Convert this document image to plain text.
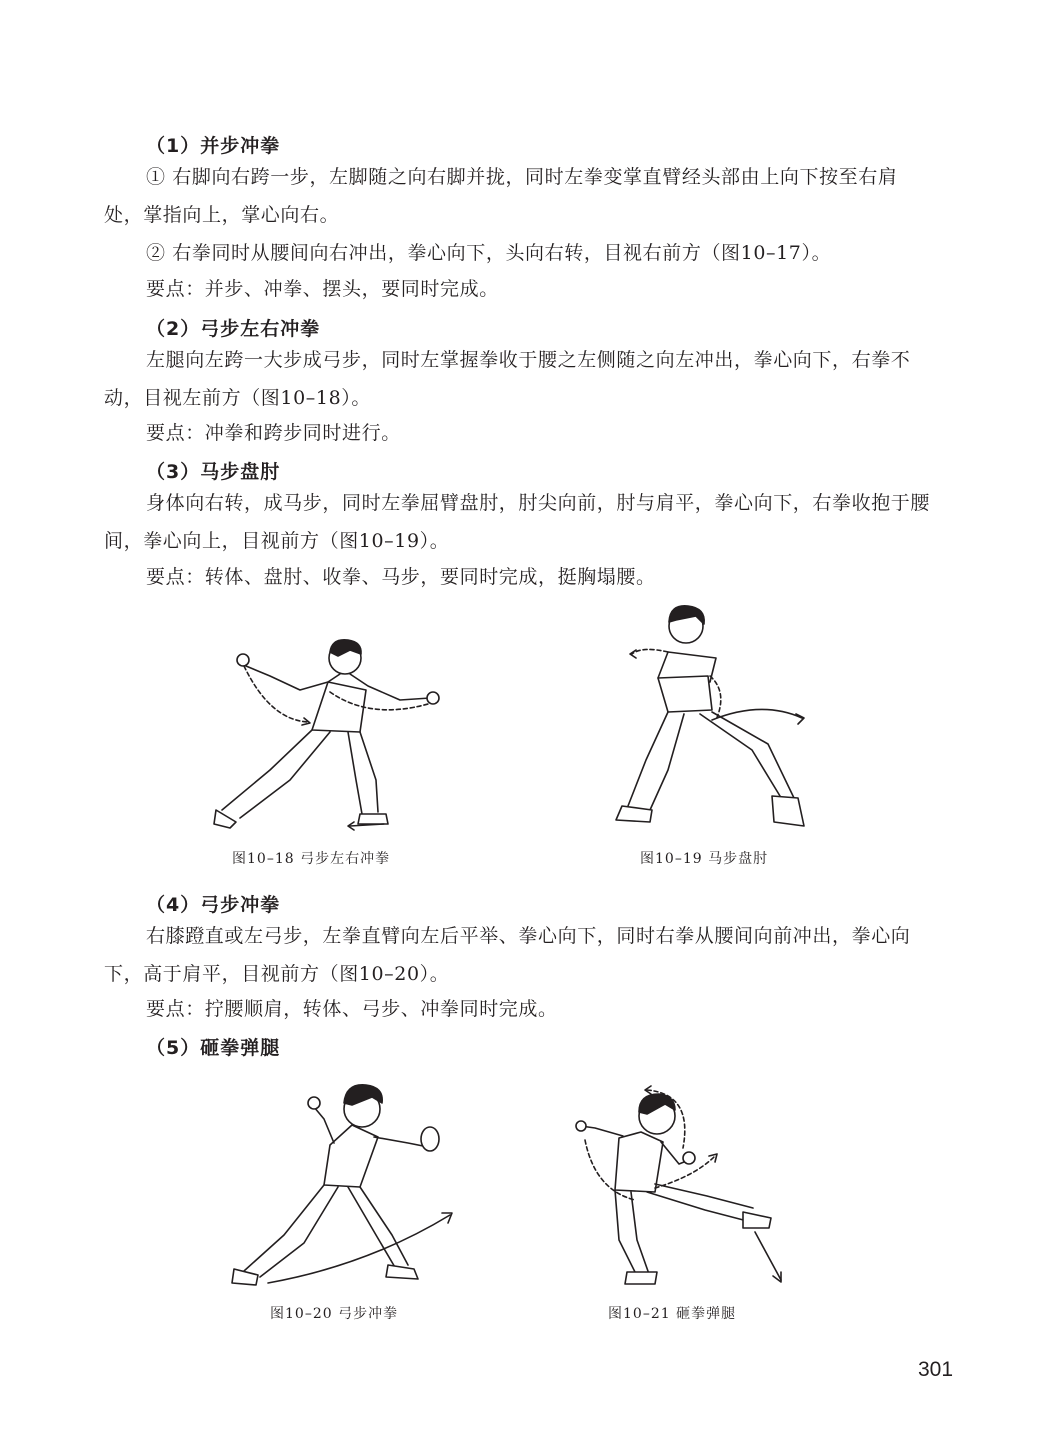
（1）并步冲拳

① 右脚向右跨一步，左脚随之向右脚并拢，同时左拳变掌直臂经头部由上向下按至右肩处，掌指向上，掌心向右。

② 右拳同时从腰间向右冲出，拳心向下，头向右转，目视右前方（图10–17）。

要点：并步、冲拳、摆头，要同时完成。

（2）弓步左右冲拳

左腿向左跨一大步成弓步，同时左掌握拳收于腰之左侧随之向左冲出，拳心向下，右拳不动，目视左前方（图10–18）。

要点：冲拳和跨步同时进行。

（3）马步盘肘

身体向右转，成马步，同时左拳屈臂盘肘，肘尖向前，肘与肩平，拳心向下，右拳收抱于腰间，拳心向上，目视前方（图10–19）。

要点：转体、盘肘、收拳、马步，要同时完成，挺胸塌腰。

图10–18 弓步左右冲拳	图10–19 马步盘肘
（4）弓步冲拳

右膝蹬直或左弓步，左拳直臂向左后平举、拳心向下，同时右拳从腰间向前冲出，拳心向下，高于肩平，目视前方（图10–20）。

要点：拧腰顺肩，转体、弓步、冲拳同时完成。

（5）砸拳弹腿
图10–20 弓步冲拳	图10–21 砸拳弹腿
301
